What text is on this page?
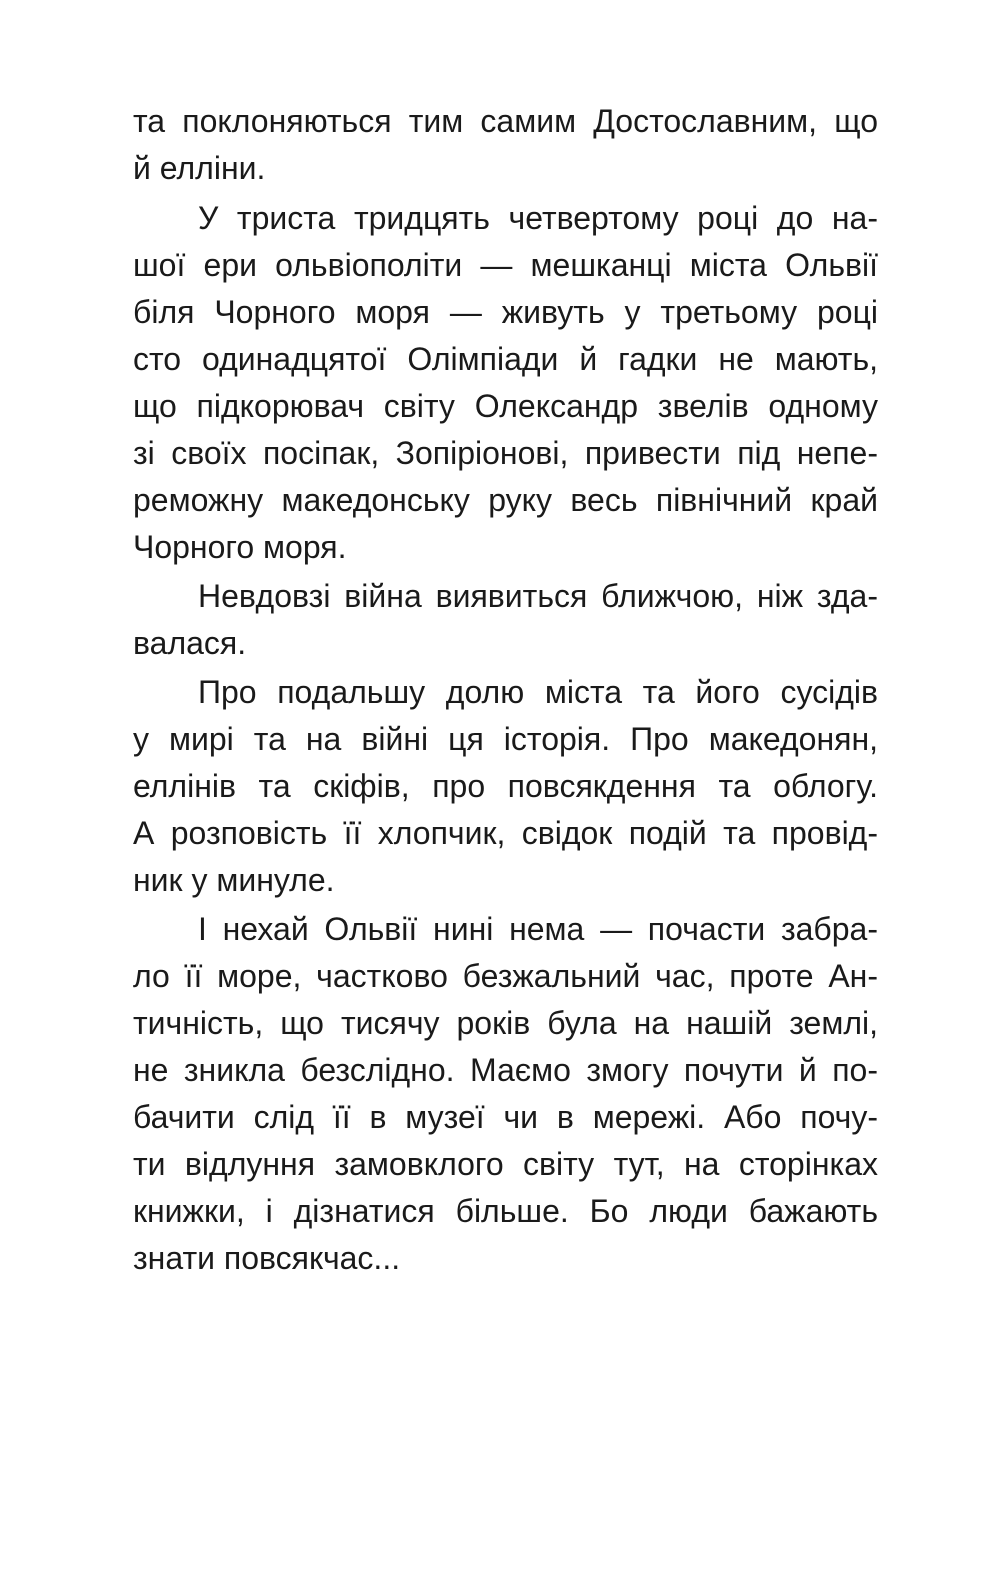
та поклоняються тим самим Достославним, що
й елліни.
У триста тридцять четвертому році до на-
шої ери ольвіополіти — мешканці міста Ольвії
біля Чорного моря — живуть у третьому році
сто одинадцятої Олімпіади й гадки не мають,
що підкорювач світу Олександр звелів одному
зі своїх посіпак, Зопіріонові, привести під непе-
реможну македонську руку весь північний край
Чорного моря.
Невдовзі війна виявиться ближчою, ніж зда-
валася.
Про подальшу долю міста та його сусідів
у мирі та на війні ця історія. Про македонян,
еллінів та скіфів, про повсякдення та облогу.
А розповість її хлопчик, свідок подій та провід-
ник у минуле.
І нехай Ольвії нині нема — почасти забра-
ло її море, частково безжальний час, проте Ан-
тичність, що тисячу років була на нашій землі,
не зникла безслідно. Маємо змогу почути й по-
бачити слід її в музеї чи в мережі. Або почу-
ти відлуння замовклого світу тут, на сторінках
книжки, і дізнатися більше. Бо люди бажають
знати повсякчас...
